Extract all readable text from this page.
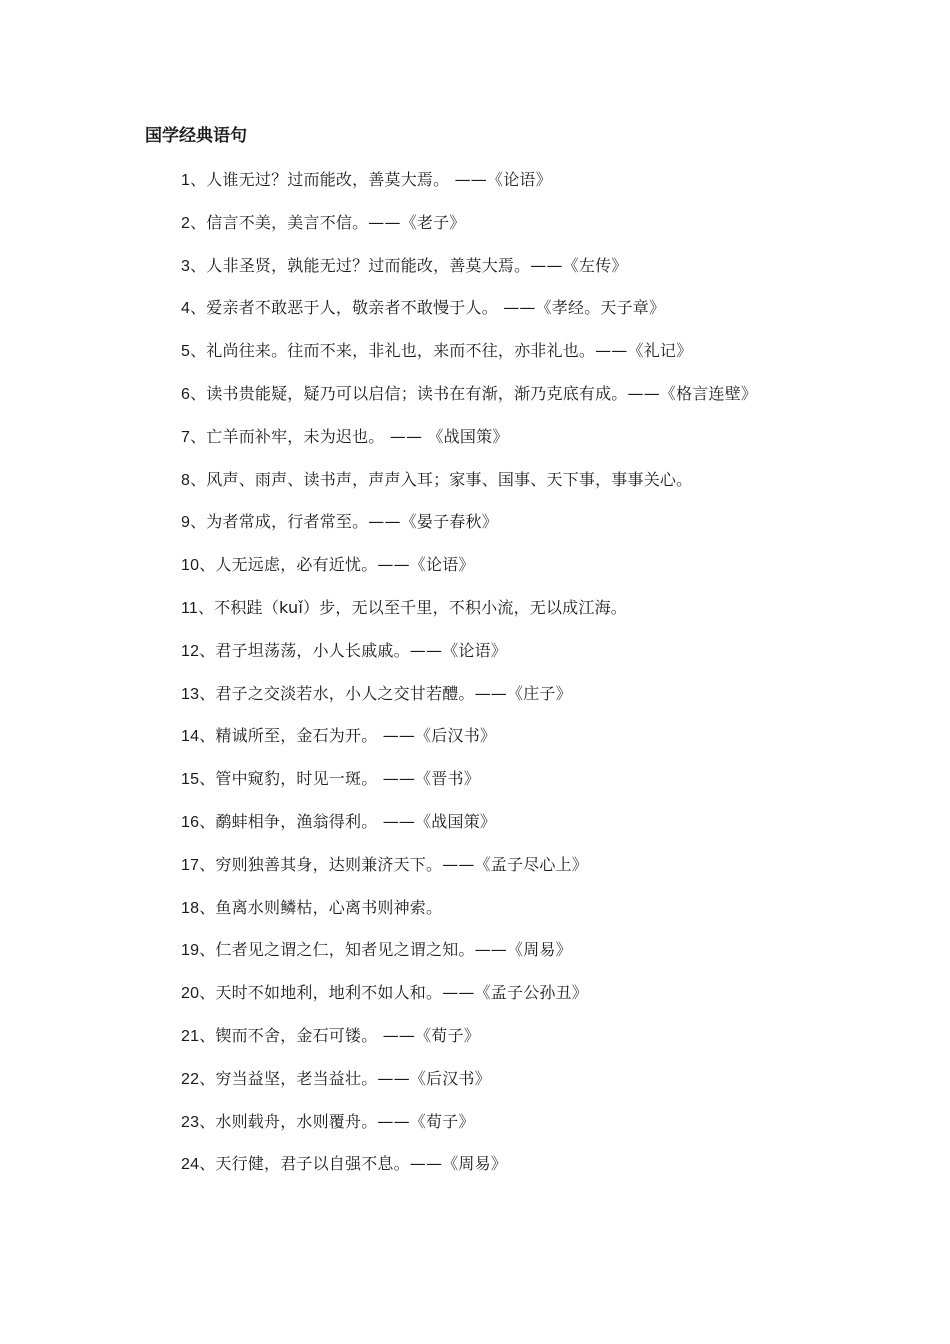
国学经典语句
1、人谁无过？过而能改，善莫大焉。 ——《论语》
2、信言不美，美言不信。——《老子》
3、人非圣贤，孰能无过？过而能改，善莫大焉。——《左传》
4、爱亲者不敢恶于人，敬亲者不敢慢于人。 ——《孝经。天子章》
5、礼尚往来。往而不来，非礼也，来而不往，亦非礼也。——《礼记》
6、读书贵能疑，疑乃可以启信；读书在有渐，渐乃克底有成。——《格言连壁》
7、亡羊而补牢，未为迟也。 —— 《战国策》
8、风声、雨声、读书声，声声入耳；家事、国事、天下事，事事关心。
9、为者常成，行者常至。——《晏子春秋》
10、人无远虑，必有近忧。——《论语》
11、不积跬（kuǐ）步，无以至千里，不积小流，无以成江海。
12、君子坦荡荡，小人长戚戚。——《论语》
13、君子之交淡若水，小人之交甘若醴。——《庄子》
14、精诚所至，金石为开。 ——《后汉书》
15、管中窥豹，时见一斑。 ——《晋书》
16、鹬蚌相争，渔翁得利。 ——《战国策》
17、穷则独善其身，达则兼济天下。——《孟子尽心上》
18、鱼离水则鳞枯，心离书则神索。
19、仁者见之谓之仁，知者见之谓之知。——《周易》
20、天时不如地利，地利不如人和。——《孟子公孙丑》
21、锲而不舍，金石可镂。 ——《荀子》
22、穷当益坚，老当益壮。——《后汉书》
23、水则载舟，水则覆舟。——《荀子》
24、天行健，君子以自强不息。——《周易》
